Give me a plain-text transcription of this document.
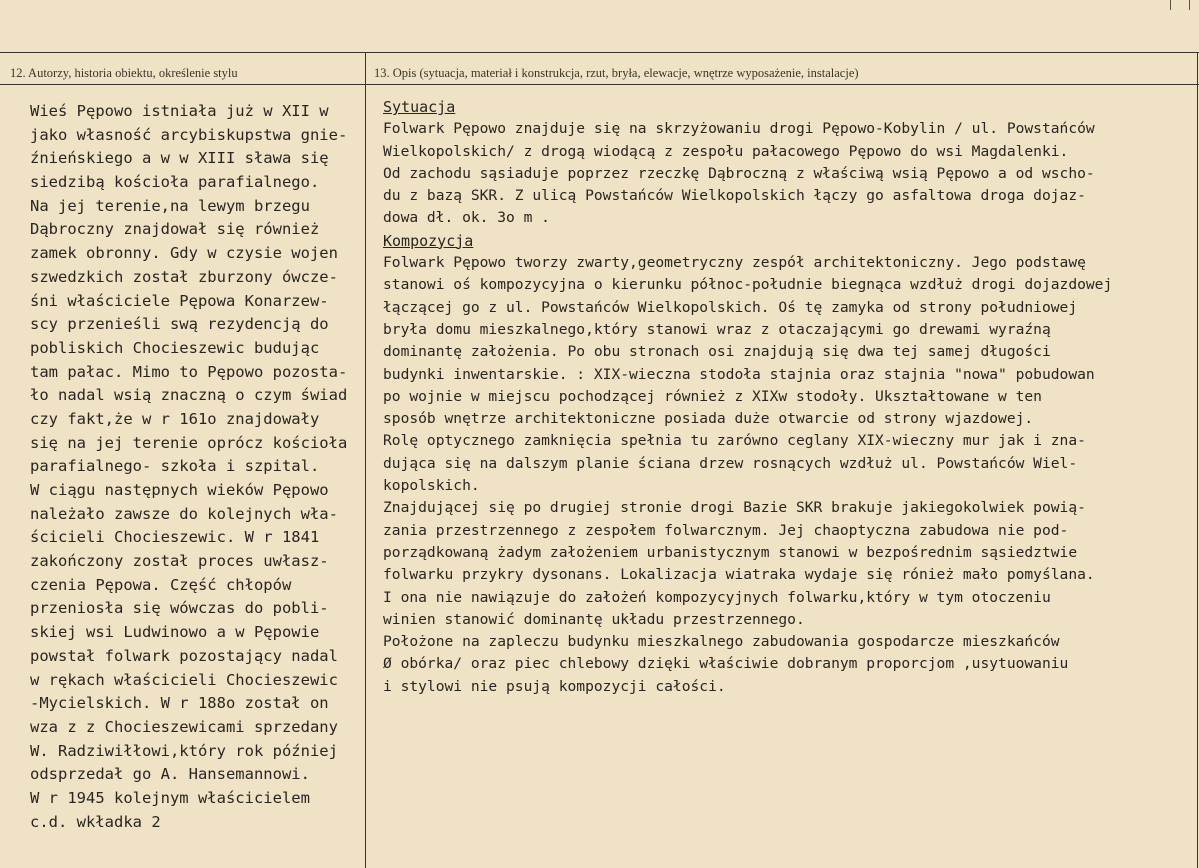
12. Autorzy, historia obiektu, określenie stylu	13. Opis (sytuacja, materiał i konstrukcja, rzut, bryła, elewacje, wnętrze wyposażenie, instalacje)
Wieś Pępowo istniała już w XII w
jako własność arcybiskupstwa gnie-
źnieńskiego a w w XIII sława się
siedzibą kościoła parafialnego.
Na jej terenie,na lewym brzegu
Dąbroczny znajdował się również
zamek obronny. Gdy w czysie wojen
szwedzkich został zburzony ówcze-
śni właściciele Pępowa Konarzew-
scy przenieśli swą rezydencją do
pobliskich Chocieszewic budując
tam pałac. Mimo to Pępowo pozosta-
ło nadal wsią znaczną o czym świad
czy fakt,że w r 161o znajdowały
się na jej terenie oprócz kościoła
parafialnego- szkoła i szpital.
W ciągu następnych wieków Pępowo
należało zawsze do kolejnych wła-
ścicieli Chocieszewic. W r 1841
zakończony został proces uwłasz-
czenia Pępowa. Część chłopów
przeniosła się wówczas do pobli-
skiej wsi Ludwinowo a w Pępowie
powstał folwark pozostający nadal
w rękach właścicieli Chocieszewic
-Mycielskich. W r 188o został on
wza z z Chocieszewicami sprzedany
W. Radziwiłłowi,który rok później
odsprzedał go A. Hansemannowi.
W r 1945 kolejnym właścicielem
c.d. wkładka 2
Sytuacja
Folwark Pępowo znajduje się na skrzyżowaniu drogi Pępowo-Kobylin / ul. Powstańców
Wielkopolskich/ z drogą wiodącą z zespołu pałacowego Pępowo do wsi Magdalenki.
Od zachodu sąsiaduje poprzez rzeczkę Dąbroczną z właściwą wsią Pępowo a od wscho-
du z bazą SKR. Z ulicą Powstańców Wielkopolskich łączy go asfaltowa droga dojaz-
dowa dł. ok. 3o m .
Kompozycja
Folwark Pępowo tworzy zwarty,geometryczny zespół architektoniczny. Jego podstawę
stanowi oś kompozycyjna o kierunku północ-południe biegnąca wzdłuż drogi dojazdowej
łączącej go z ul. Powstańców Wielkopolskich. Oś tę zamyka od strony południowej
bryła domu mieszkalnego,który stanowi wraz z otaczającymi go drewami wyraźną
dominantę założenia. Po obu stronach osi znajdują się dwa tej samej długości
budynki inwentarskie. : XIX-wieczna stodoła stajnia oraz stajnia "nowa" pobudowan
po wojnie w miejscu pochodzącej również z XIXw stodoły. Ukształtowane w ten
sposób wnętrze architektoniczne posiada duże otwarcie od strony wjazdowej.
Rolę optycznego zamknięcia spełnia tu zarówno ceglany XIX-wieczny mur jak i zna-
dująca się na dalszym planie ściana drzew rosnących wzdłuż ul. Powstańców Wiel-
kopolskich.
Znajdującej się po drugiej stronie drogi Bazie SKR brakuje jakiegokolwiek powią-
zania przestrzennego z zespołem folwarcznym. Jej chaoptyczna zabudowa nie pod-
porządkowaną żadym założeniem urbanistycznym stanowi w bezpośrednim sąsiedztwie
folwarku przykry dysonans. Lokalizacja wiatraka wydaje się rónież mało pomyślana.
I ona nie nawiązuje do założeń kompozycyjnych folwarku,który w tym otoczeniu
winien stanowić dominantę układu przestrzennego.
Położone na zapleczu budynku mieszkalnego zabudowania gospodarcze mieszkańców
Ø obórka/ oraz piec chlebowy dzięki właściwie dobranym proporcjom ,usytuowaniu
i stylowi nie psują kompozycji całości.
